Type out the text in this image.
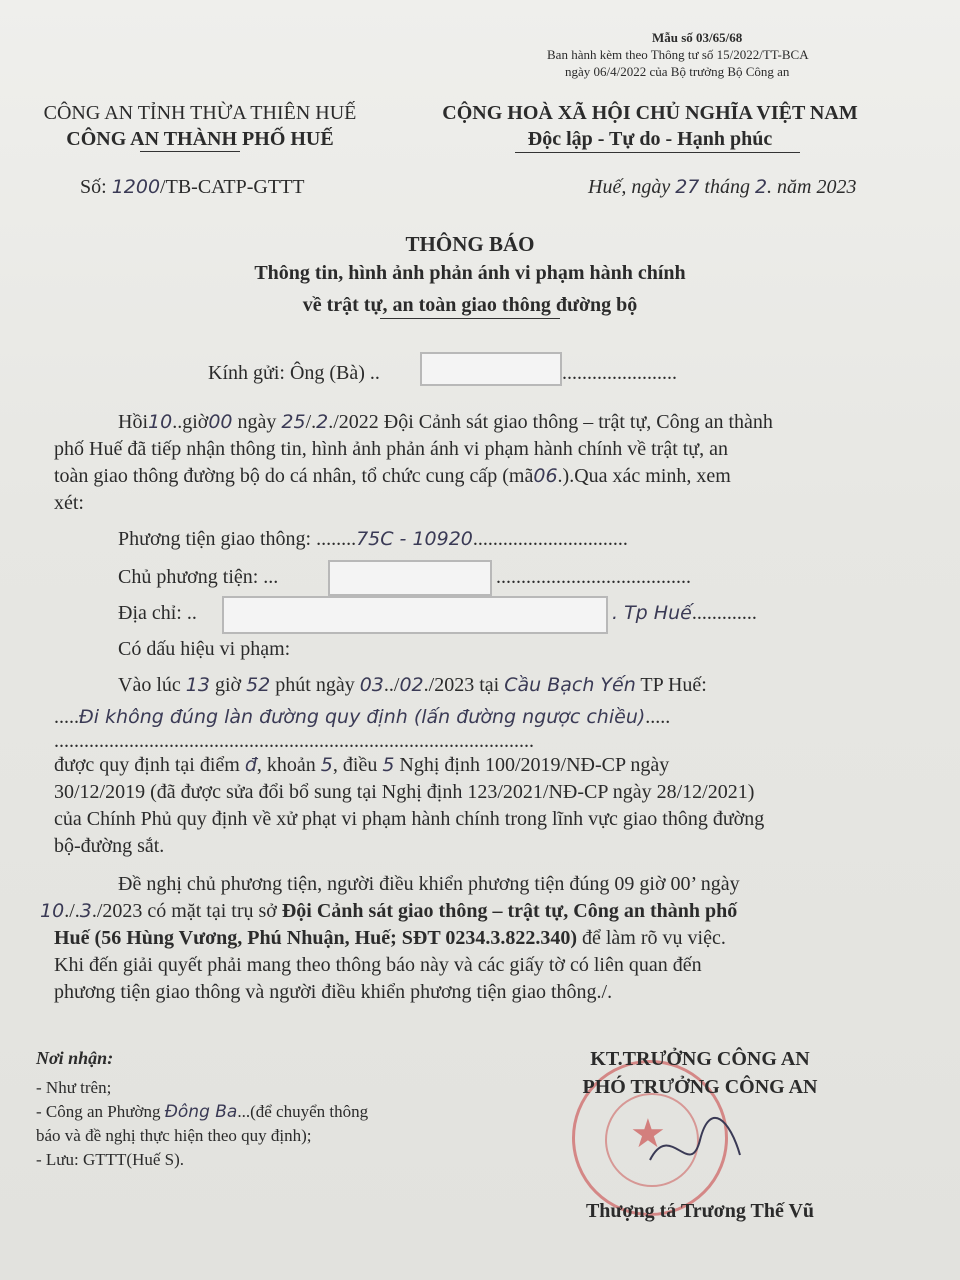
Mẫu số 03/65/68
Ban hành kèm theo Thông tư số 15/2022/TT-BCA
ngày 06/4/2022 của Bộ trưởng Bộ Công an
CÔNG AN TỈNH THỪA THIÊN HUẾ
CÔNG AN THÀNH PHỐ HUẾ
CỘNG HOÀ XÃ HỘI CHỦ NGHĨA VIỆT NAM
Độc lập - Tự do - Hạnh phúc
Số: 1200/TB-CATP-GTTT	Huế, ngày 27 tháng 2. năm 2023
THÔNG BÁO
Thông tin, hình ảnh phản ánh vi phạm hành chính
về trật tự, an toàn giao thông đường bộ
Kính gửi: Ông (Bà) ..	.......................
Hồi10..giờ00 ngày 25/.2./2022 Đội Cảnh sát giao thông – trật tự, Công an thành
phố Huế đã tiếp nhận thông tin, hình ảnh phản ánh vi phạm hành chính về trật tự, an
toàn giao thông đường bộ do cá nhân, tổ chức cung cấp (mã06.).Qua xác minh, xem
xét:
Phương tiện giao thông: ........75C - 10920...............................
Chủ phương tiện: ...	.......................................
Địa chỉ: ..	. Tp Huế.............
Có dấu hiệu vi phạm:
Vào lúc 13 giờ 52 phút ngày 03../02./2023 tại Cầu Bạch Yến TP Huế:
.....Đi không đúng làn đường quy định (lấn đường ngược chiều).....
................................................................................................
được quy định tại điểm đ, khoản 5, điều 5 Nghị định 100/2019/NĐ-CP ngày
30/12/2019 (đã được sửa đổi bổ sung tại Nghị định 123/2021/NĐ-CP ngày 28/12/2021)
của Chính Phủ quy định về xử phạt vi phạm hành chính trong lĩnh vực giao thông đường
bộ-đường sắt.
Đề nghị chủ phương tiện, người điều khiển phương tiện đúng 09 giờ 00’ ngày
10./.3./2023 có mặt tại trụ sở Đội Cảnh sát giao thông – trật tự, Công an thành phố
Huế (56 Hùng Vương, Phú Nhuận, Huế; SĐT 0234.3.822.340) để làm rõ vụ việc.
Khi đến giải quyết phải mang theo thông báo này và các giấy tờ có liên quan đến
phương tiện giao thông và người điều khiển phương tiện giao thông./.
Nơi nhận:
- Như trên;
- Công an Phường Đông Ba...(để chuyển thông
báo và đề nghị thực hiện theo quy định);
- Lưu: GTTT(Huế S).
★
KT.TRƯỞNG CÔNG AN
PHÓ TRƯỞNG CÔNG AN
Thượng tá Trương Thế Vũ
